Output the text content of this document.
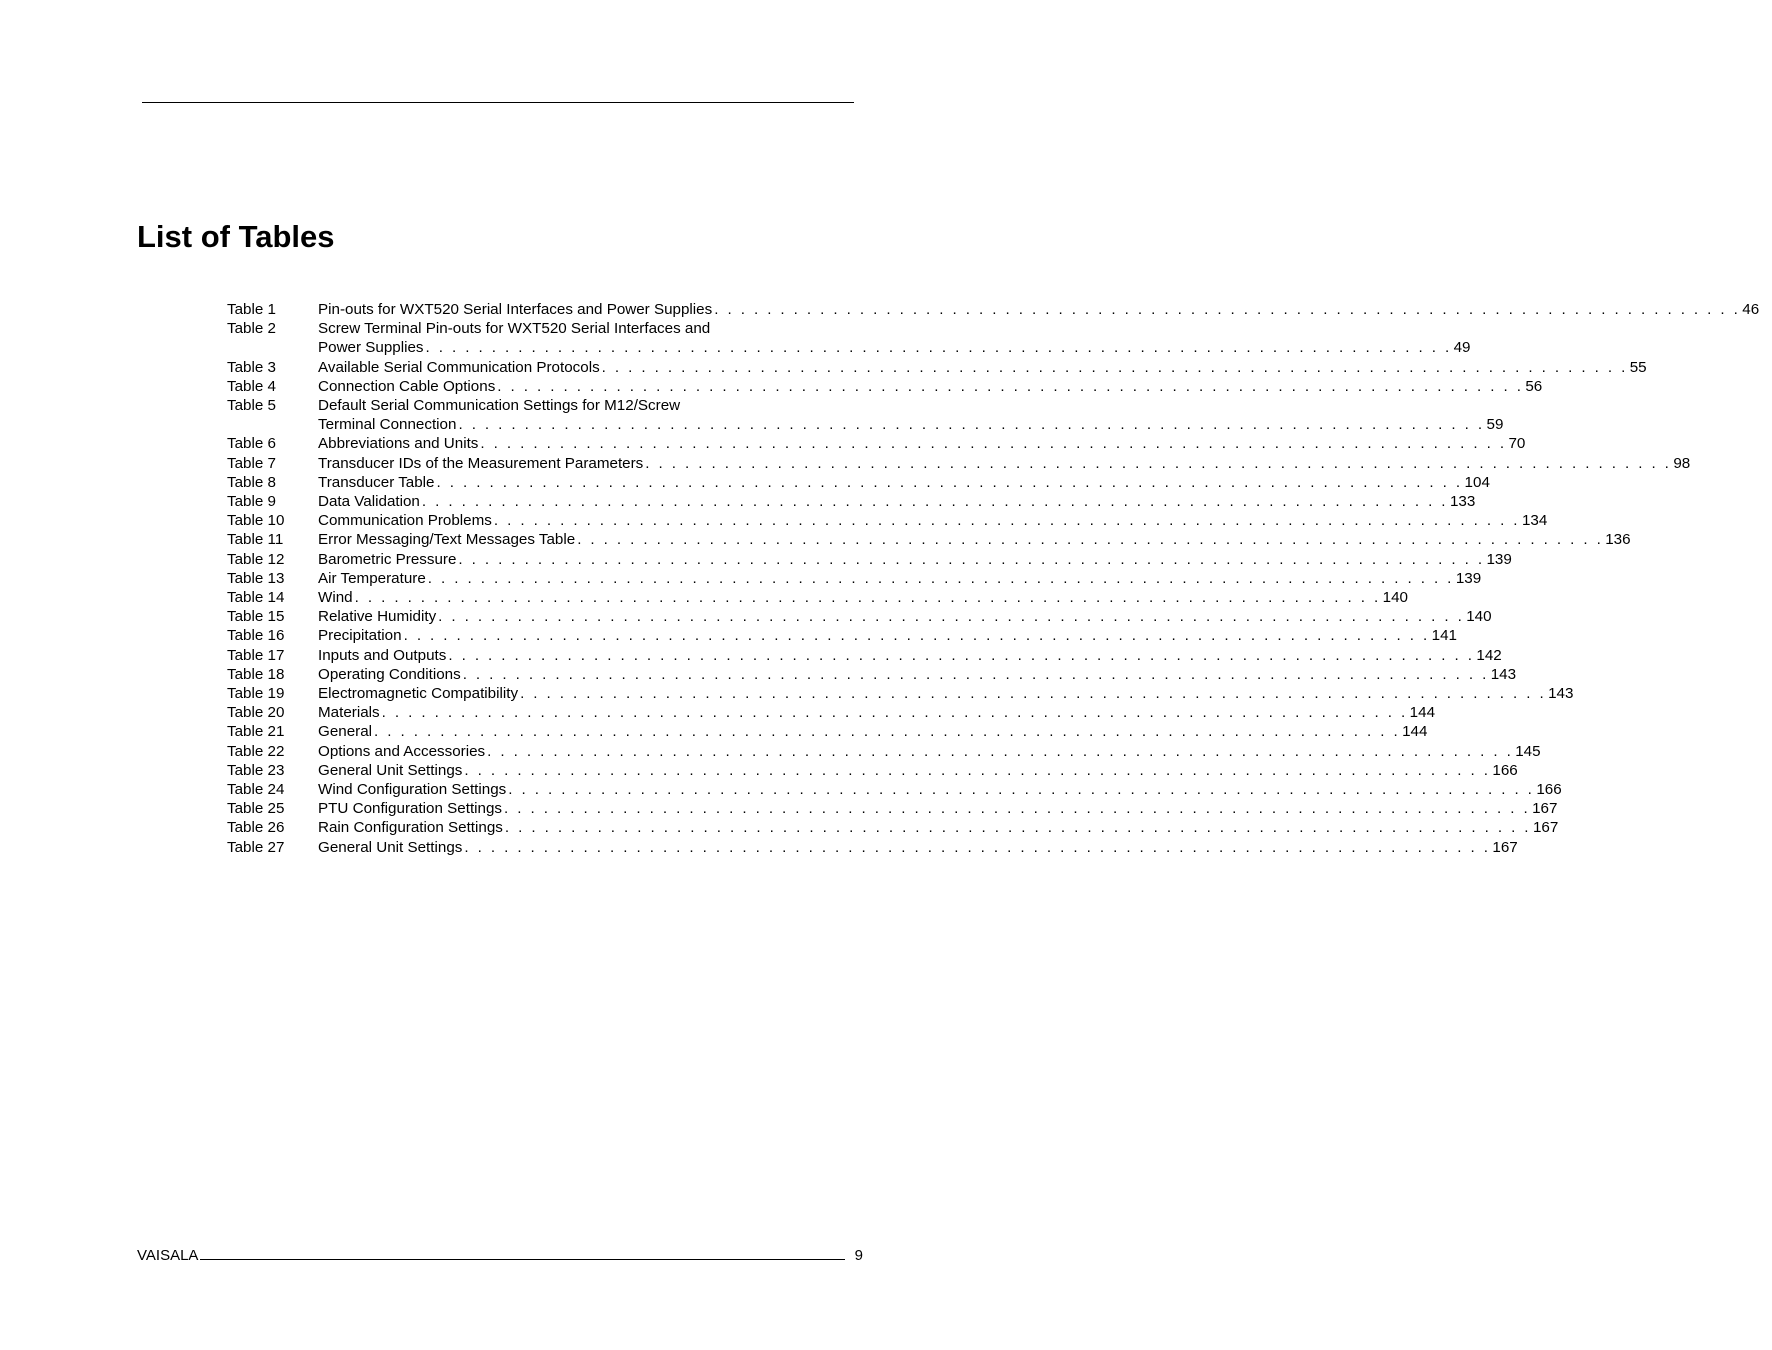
List of Tables
Table 1	Pin-outs for WXT520 Serial Interfaces and Power Supplies . . .	46
Table 2	Screw Terminal Pin-outs for WXT520 Serial Interfaces and
Power Supplies . . .	49
Table 3	Available Serial Communication Protocols . . .	55
Table 4	Connection Cable Options . . .	56
Table 5	Default Serial Communication Settings for M12/Screw
Terminal Connection . . .	59
Table 6	Abbreviations and Units . . .	70
Table 7	Transducer IDs of the Measurement Parameters . . .	98
Table 8	Transducer Table . . .	104
Table 9	Data Validation . . .	133
Table 10	Communication Problems . . .	134
Table 11	Error Messaging/Text Messages Table . . .	136
Table 12	Barometric Pressure . . .	139
Table 13	Air Temperature . . .	139
Table 14	Wind . . .	140
Table 15	Relative Humidity . . .	140
Table 16	Precipitation . . .	141
Table 17	Inputs and Outputs . . .	142
Table 18	Operating Conditions . . .	143
Table 19	Electromagnetic Compatibility . . .	143
Table 20	Materials . . .	144
Table 21	General . . .	144
Table 22	Options and Accessories . . .	145
Table 23	General Unit Settings . . .	166
Table 24	Wind Configuration Settings . . .	166
Table 25	PTU Configuration Settings . . .	167
Table 26	Rain Configuration Settings . . .	167
Table 27	General Unit Settings . . .	167
VAISALA	9
